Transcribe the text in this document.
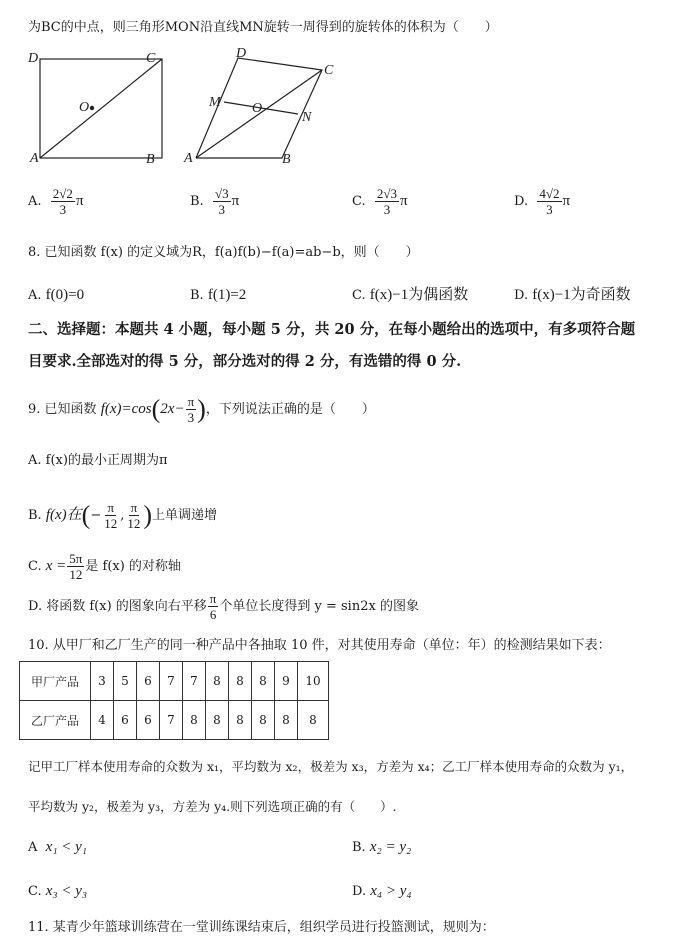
为BC的中点，则三角形MON沿直线MN旋转一周得到的旋转体的体积为（　　）
D	C
A	B
O
D
C
M O
N
A	B
A. $\frac{2√2}{3}$ π	B. $\frac{√3}{3}$ π	C. $\frac{2√3}{3}$ π	D. $\frac{4√2}{3}$ π
8. 已知函数 f(x) 的定义域为R，f(a)f(b)−f(a)=ab−b，则（　　）
A. f(0)=0	B. f(1)=2	C. f(x)−1为偶函数	D. f(x)−1为奇函数
二、选择题：本题共 4 小题，每小题 5 分，共 20 分，在每小题给出的选项中，有多项符合题
目要求.全部选对的得 5 分，部分选对的得 2 分，有选错的得 0 分.
9. 已知函数 $f(x)=\cos(2x- \frac{\pi}{3}$ )，下列说法正确的是（　　）
A. f(x)的最小正周期为π
B. f(x)在(− $\frac{\pi}{12}$ , $\frac{\pi}{12}$ )上单调递增
C. $x = \frac{5\pi}{12}$ 是 f(x) 的对称轴
D. 将函数 f(x) 的图象向右平移 $\frac{\pi}{6}$ 个单位长度得到 y = sin2x 的图象
10. 从甲厂和乙厂生产的同一种产品中各抽取 10 件，对其使用寿命（单位：年）的检测结果如下表：
甲厂产品	3	5	6	7	7	8	8	8	9	10
乙厂产品	4	6	6	7	8	8	8	8	8	8
记甲工厂样本使用寿命的众数为 x₁，平均数为 x₂，极差为 x₃，方差为 x₄；乙工厂样本使用寿命的众数为 y₁，
平均数为 y₂，极差为 y₃，方差为 y₄.则下列选项正确的有（　　）.
A x₁ < y₁	B. x₂ = y₂
C. x₃ < y₃	D. x₄ > y₄
11. 某青少年篮球训练营在一堂训练课结束后，组织学员进行投篮测试，规则为：
